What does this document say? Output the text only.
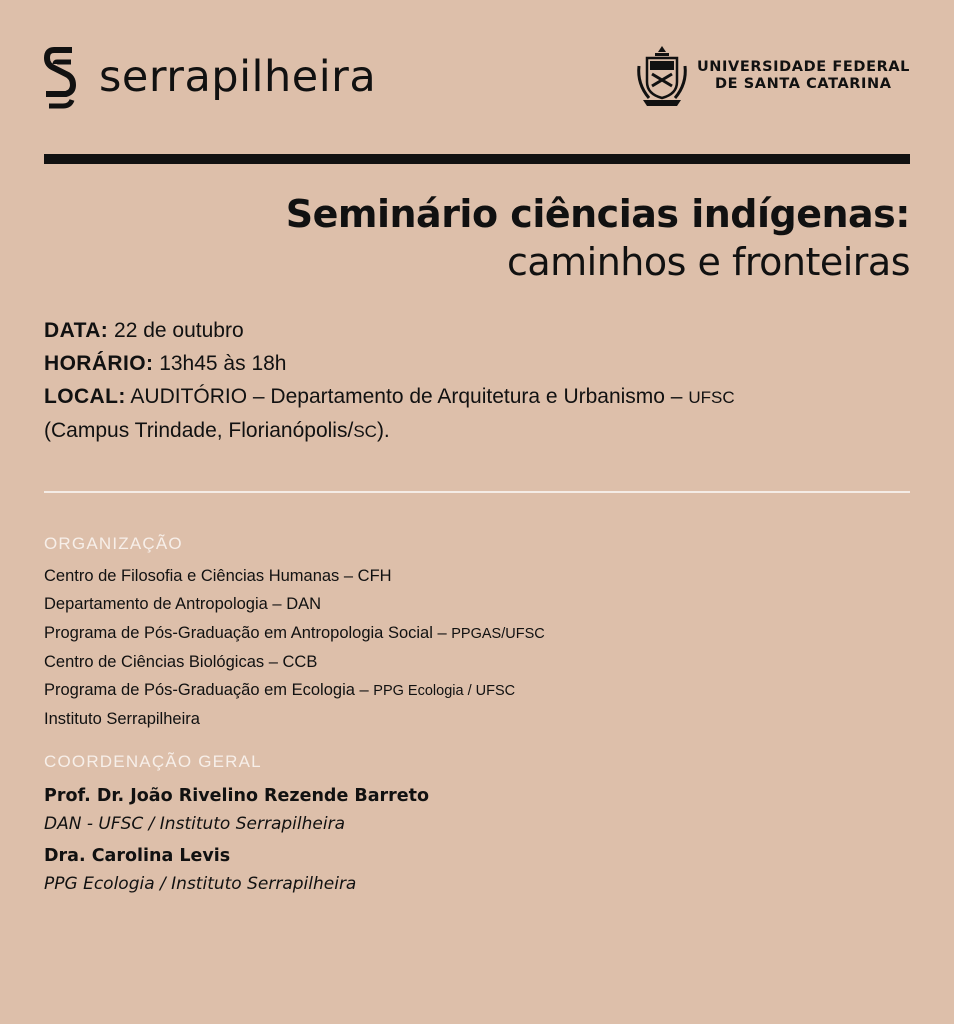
serrapilheira	UNIVERSIDADE FEDERAL
DE SANTA CATARINA
Seminário ciências indígenas:
caminhos e fronteiras
DATA: 22 de outubro
HORÁRIO: 13h45 às 18h
LOCAL: AUDITÓRIO – Departamento de Arquitetura e Urbanismo – UFSC
(Campus Trindade, Florianópolis/SC).
ORGANIZAÇÃO
Centro de Filosofia e Ciências Humanas – CFH
Departamento de Antropologia – DAN
Programa de Pós-Graduação em Antropologia Social – PPGAS/UFSC
Centro de Ciências Biológicas – CCB
Programa de Pós-Graduação em Ecologia – PPG Ecologia / UFSC
Instituto Serrapilheira
COORDENAÇÃO GERAL
Prof. Dr. João Rivelino Rezende Barreto
DAN - UFSC / Instituto Serrapilheira
Dra. Carolina Levis
PPG Ecologia / Instituto Serrapilheira
